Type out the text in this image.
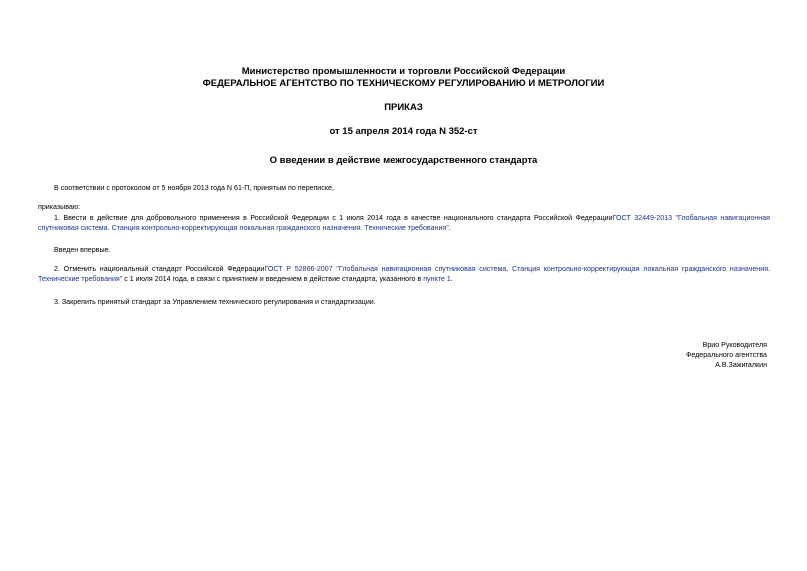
Министерство промышленности и торговли Российской Федерации
ФЕДЕРАЛЬНОЕ АГЕНТСТВО ПО ТЕХНИЧЕСКОМУ РЕГУЛИРОВАНИЮ И МЕТРОЛОГИИ
ПРИКАЗ
от 15 апреля 2014 года N 352-ст
О введении в действие межгосударственного стандарта
В соответствии с протоколом от 5 ноября 2013 года N 61-П, принятым по переписке,
приказываю:
1. Ввести в действие для добровольного применения в Российской Федерации с 1 июля 2014 года в качестве национального стандарта Российской ФедерацииГОСТ 32449-2013 "Глобальная навигационная спутниковая система. Станция контрольно-корректирующая локальная гражданского назначения. Технические требования".
Введен впервые.
2. Отменить национальный стандарт Российской ФедерацииГОСТ Р 52866-2007 "Глобальная навигационная спутниковая система. Станция контрольно-корректирующая локальная гражданского назначения. Технические требования" с 1 июля 2014 года, в связи с принятием и введением в действие стандарта, указанного в пункте 1.
3. Закрепить принятый стандарт за Управлением технического регулирования и стандартизации.
Врио Руководителя
Федерального агентства
А.В.Зажигалкин
